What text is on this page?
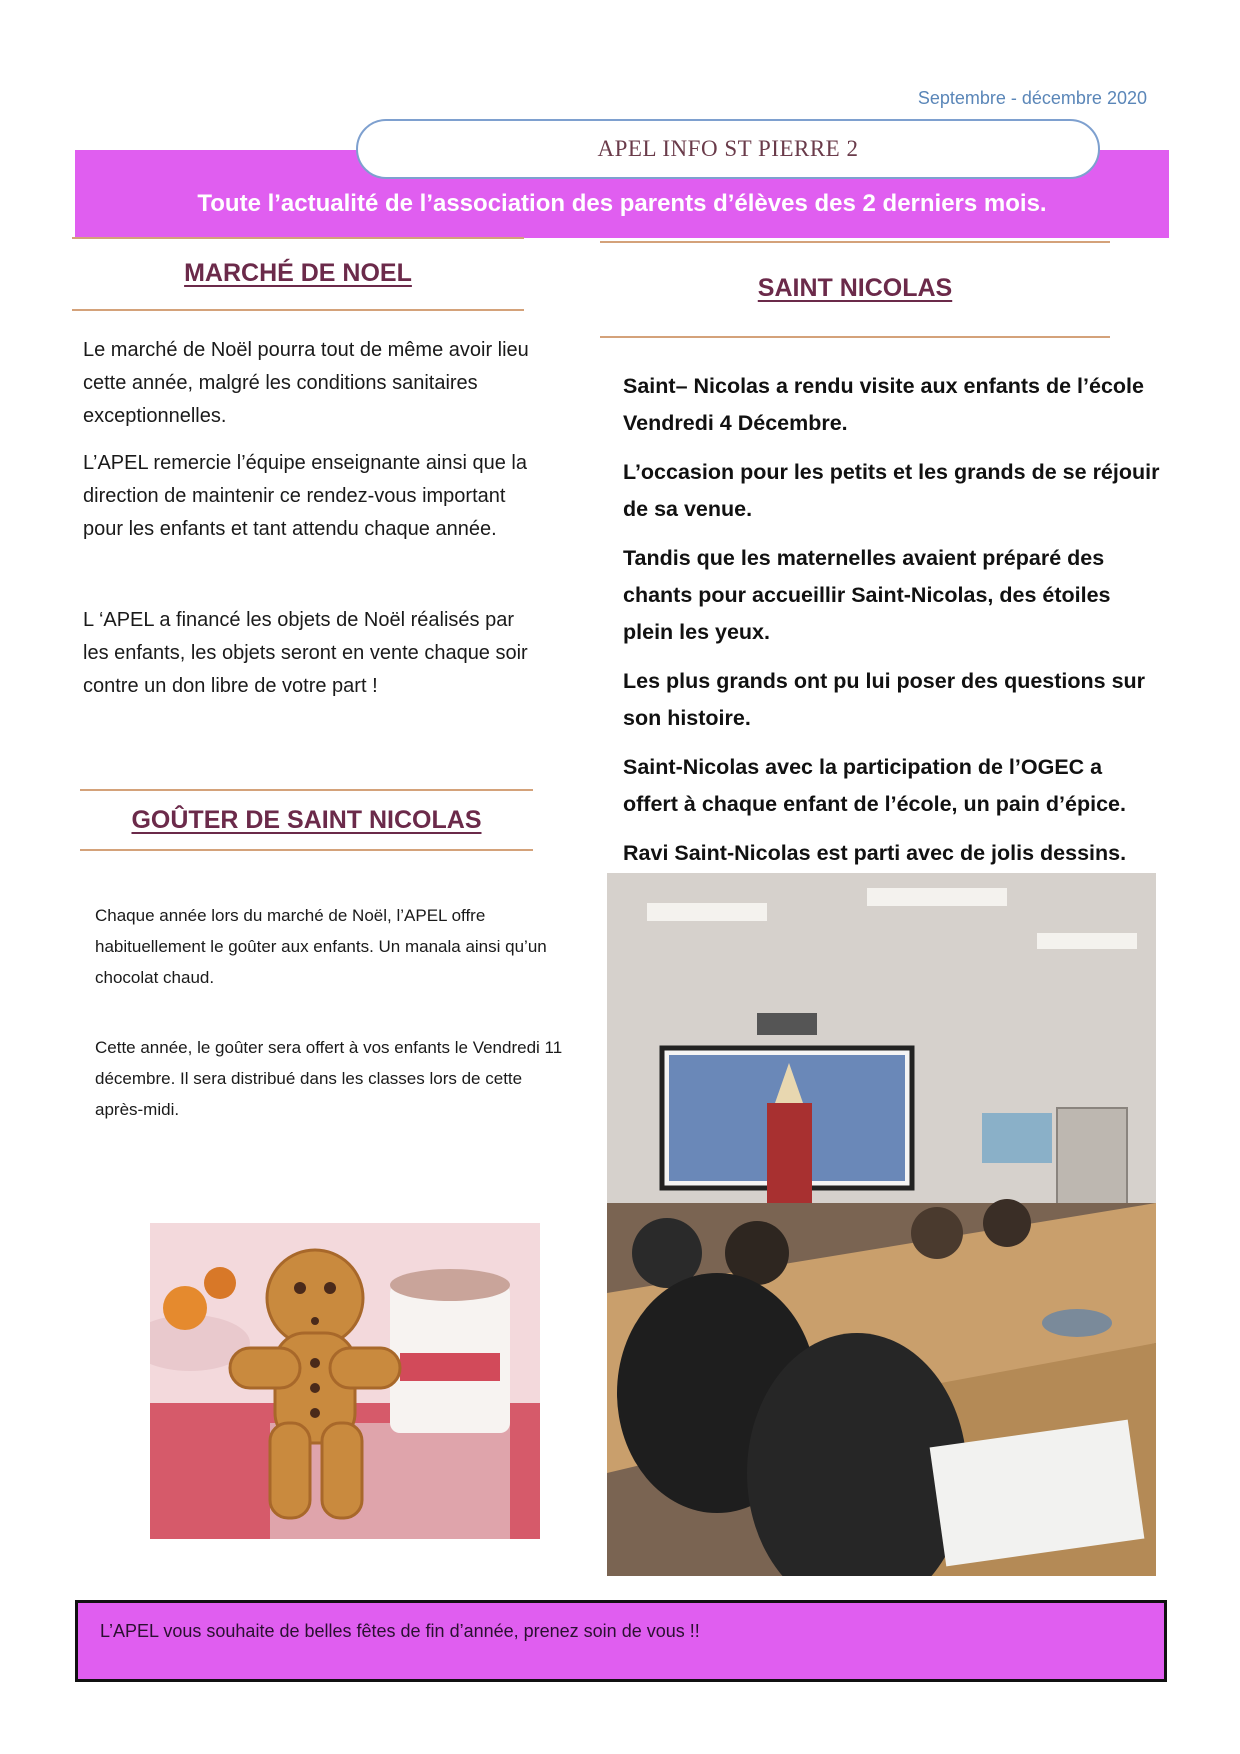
Septembre - décembre 2020
APEL INFO ST PIERRE 2
Toute l’actualité de l’association des parents d’élèves des 2 derniers mois.
MARCHÉ DE NOEL

Le marché de Noël pourra tout de même avoir lieu cette année, malgré les conditions sanitaires exceptionnelles.

L’APEL remercie l’équipe enseignante ainsi que la direction de maintenir ce rendez-vous important pour les enfants et tant attendu chaque année.

L ‘APEL a financé les objets de Noël réalisés par les enfants, les objets seront en vente chaque soir contre un don libre de votre part !

GOÛTER DE SAINT NICOLAS

Chaque année lors du marché de Noël, l’APEL offre habituellement le goûter aux enfants. Un manala ainsi qu’un chocolat chaud.

Cette année, le goûter sera offert à vos enfants le Vendredi 11 décembre. Il sera distribué dans les classes lors de cette après-midi.

SAINT NICOLAS

Saint– Nicolas a rendu visite aux enfants de l’école Vendredi 4 Décembre.

L’occasion pour les petits et les grands de se réjouir de sa venue.

Tandis que les maternelles avaient préparé des chants pour accueillir Saint-Nicolas, des étoiles plein les yeux.

Les plus grands ont pu lui poser des questions sur son histoire.

Saint-Nicolas avec la participation de l’OGEC a offert à chaque enfant de l’école, un pain d’épice.

Ravi Saint-Nicolas est parti avec de jolis dessins.

L’APEL vous souhaite de belles fêtes de fin d’année, prenez soin de vous !!
